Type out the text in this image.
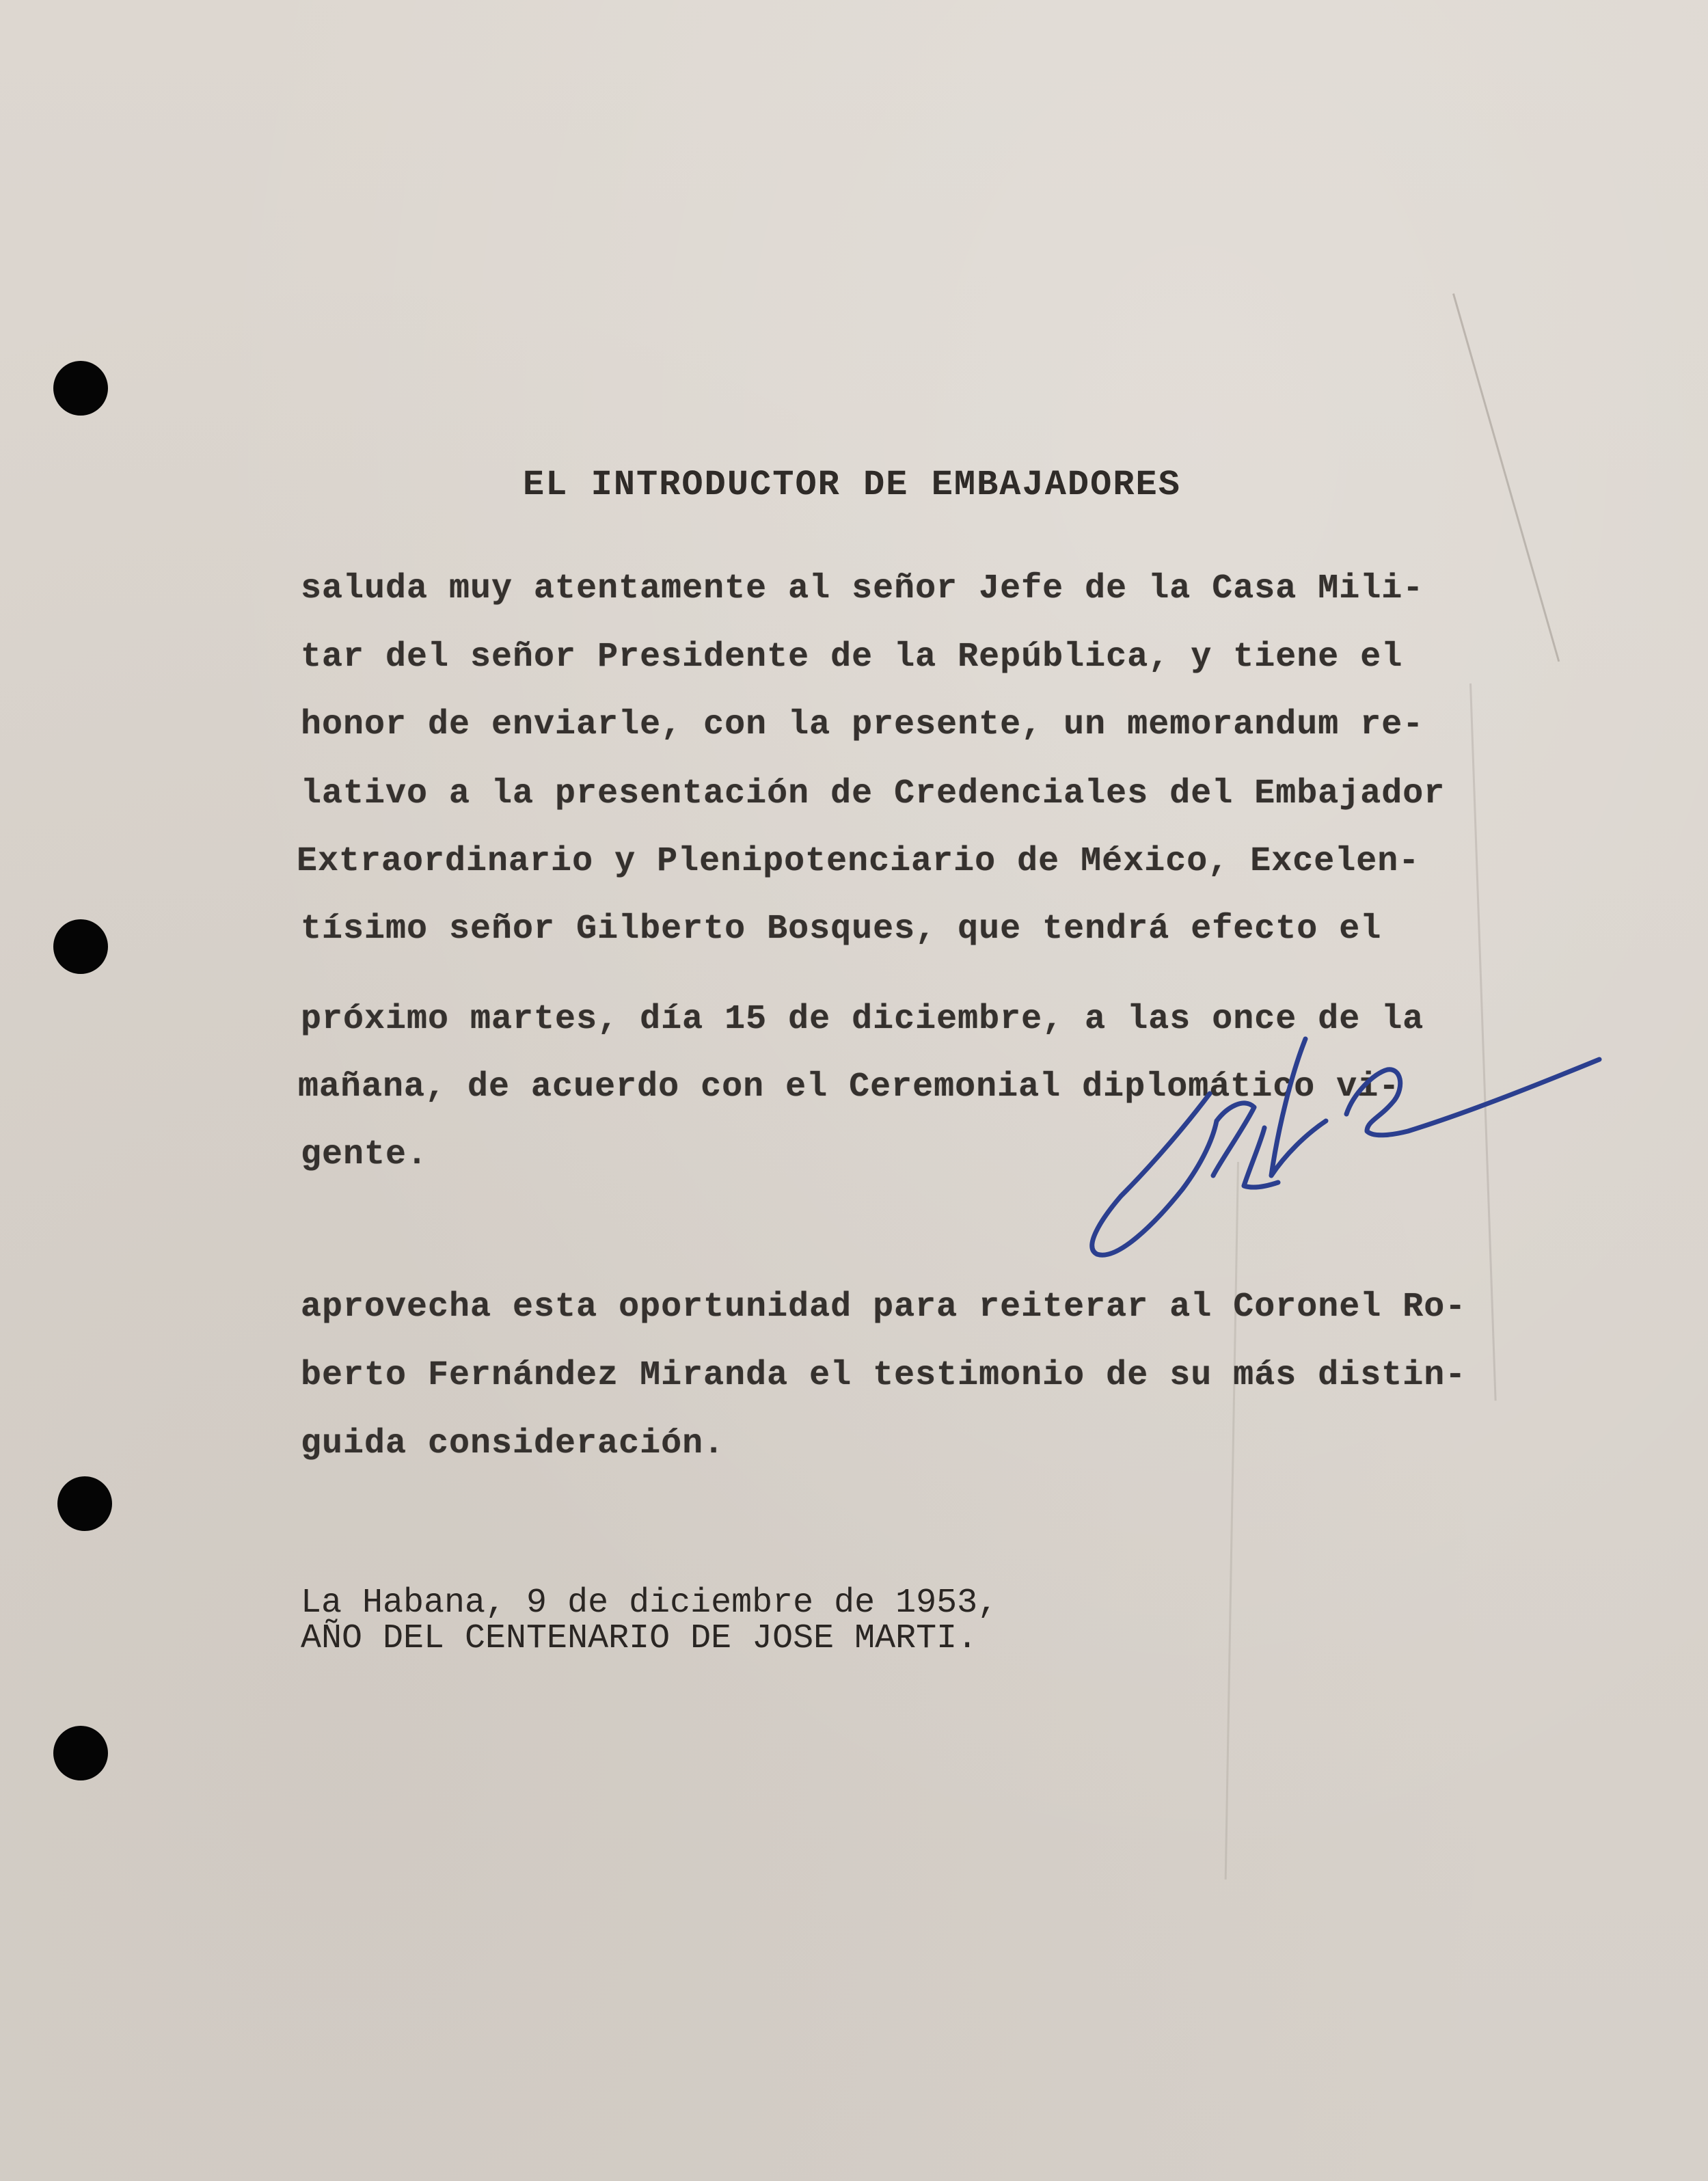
EL INTRODUCTOR DE EMBAJADORES
saluda muy atentamente al señor Jefe de la Casa Mili-
tar del señor Presidente de la República, y tiene el
honor de enviarle, con la presente, un memorandum re-
lativo a la presentación de Credenciales del Embajador
Extraordinario y Plenipotenciario de México, Excelen-
tísimo señor Gilberto Bosques, que tendrá efecto el
próximo martes, día 15 de diciembre, a las once de la
mañana, de acuerdo con el Ceremonial diplomático vi-
gente.
aprovecha esta oportunidad para reiterar al Coronel Ro-
berto Fernández Miranda el testimonio de su más distin-
guida consideración.
La Habana, 9 de diciembre de 1953,
AÑO DEL CENTENARIO DE JOSE MARTI.
